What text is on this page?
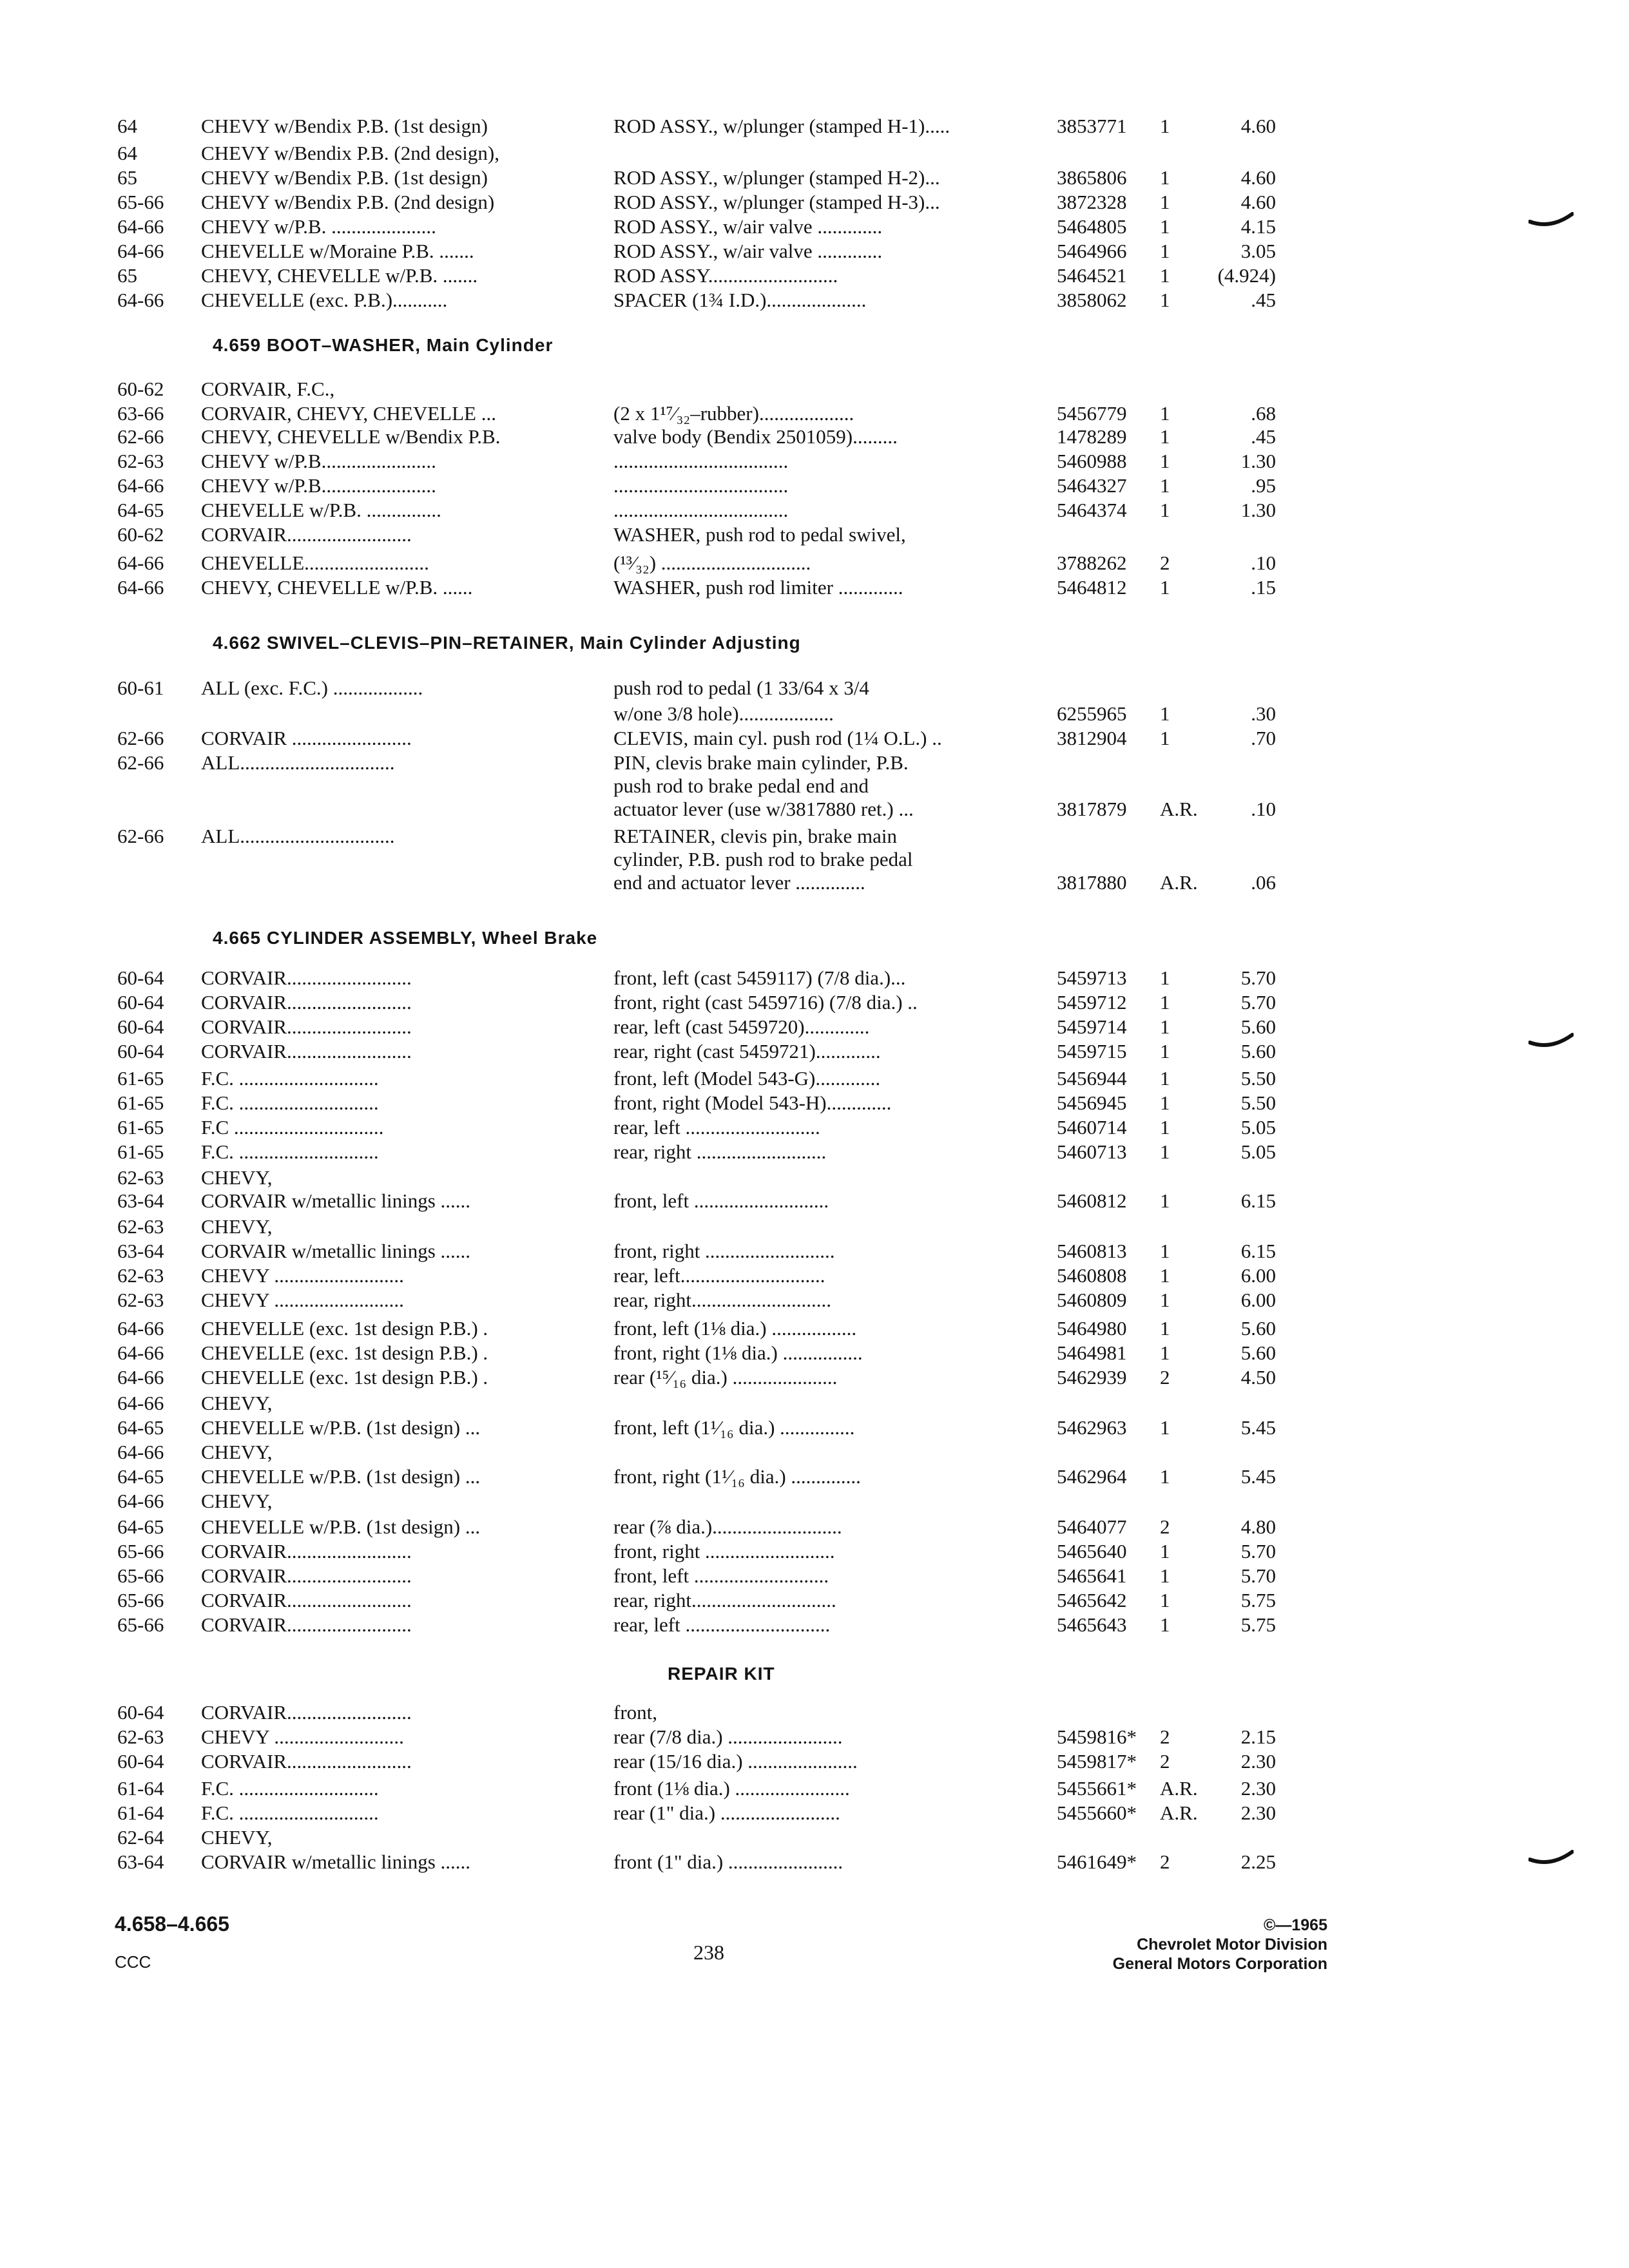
64	CHEVY w/Bendix P.B. (1st design)	ROD ASSY., w/plunger (stamped H-1).....	3853771 1	4.60
64	CHEVY w/Bendix P.B. (2nd design),
65	CHEVY w/Bendix P.B. (1st design)	ROD ASSY., w/plunger (stamped H-2)...	3865806 1	4.60
65-66 CHEVY w/Bendix P.B. (2nd design)	ROD ASSY., w/plunger (stamped H-3)...	3872328 1	4.60
64-66 CHEVY w/P.B. .....................	ROD ASSY., w/air valve .............	5464805 1	4.15
64-66 CHEVELLE w/Moraine P.B. .......	ROD ASSY., w/air valve .............	5464966 1	3.05
65	CHEVY, CHEVELLE w/P.B. .......	ROD ASSY..........................	5464521 1	(4.924)
64-66 CHEVELLE (exc. P.B.)...........	SPACER (1¾ I.D.)....................	3858062 1	.45
4.659 BOOT–WASHER, Main Cylinder
60-62 CORVAIR, F.C.,
63-66 CORVAIR, CHEVY, CHEVELLE ...	(2 x 1¹⁷⁄₃₂–rubber)...................	5456779 1	.68
62-66 CHEVY, CHEVELLE w/Bendix P.B.	valve body (Bendix 2501059).........	1478289 1	.45
62-63 CHEVY w/P.B.......................	...................................	5460988 1	1.30
64-66 CHEVY w/P.B.......................	...................................	5464327 1	.95
64-65 CHEVELLE w/P.B. ...............	...................................	5464374 1	1.30
60-62 CORVAIR.........................	WASHER, push rod to pedal swivel,
64-66 CHEVELLE.........................	(¹³⁄₃₂) ..............................	3788262 2	.10
64-66 CHEVY, CHEVELLE w/P.B. ......	WASHER, push rod limiter .............	5464812 1	.15
4.662 SWIVEL–CLEVIS–PIN–RETAINER, Main Cylinder Adjusting
60-61 ALL (exc. F.C.) ..................	push rod to pedal (1 33/64 x 3/4
w/one 3/8 hole)...................	6255965 1	.30
62-66 CORVAIR ........................	CLEVIS, main cyl. push rod (1¼ O.L.) ..	3812904 1	.70
62-66 ALL...............................	PIN, clevis brake main cylinder, P.B.
push rod to brake pedal end and
actuator lever (use w/3817880 ret.) ...	3817879 A.R.	.10
62-66 ALL...............................	RETAINER, clevis pin, brake main
cylinder, P.B. push rod to brake pedal
end and actuator lever ..............	3817880 A.R.	.06
4.665 CYLINDER ASSEMBLY, Wheel Brake
60-64 CORVAIR.........................	front, left (cast 5459117) (7/8 dia.)...	5459713 1	5.70
60-64 CORVAIR.........................	front, right (cast 5459716) (7/8 dia.) ..	5459712 1	5.70
60-64 CORVAIR.........................	rear, left (cast 5459720).............	5459714 1	5.60
60-64 CORVAIR.........................	rear, right (cast 5459721).............	5459715 1	5.60
61-65 F.C. ............................	front, left (Model 543-G).............	5456944 1	5.50
61-65 F.C. ............................	front, right (Model 543-H).............	5456945 1	5.50
61-65 F.C ..............................	rear, left ...........................	5460714 1	5.05
61-65 F.C. ............................	rear, right ..........................	5460713 1	5.05
62-63 CHEVY,
63-64 CORVAIR w/metallic linings ......	front, left ...........................	5460812 1	6.15
62-63 CHEVY,
63-64 CORVAIR w/metallic linings ......	front, right ..........................	5460813 1	6.15
62-63 CHEVY ..........................	rear, left.............................	5460808 1	6.00
62-63 CHEVY ..........................	rear, right............................	5460809 1	6.00
64-66 CHEVELLE (exc. 1st design P.B.) .	front, left (1⅛ dia.) .................	5464980 1	5.60
64-66 CHEVELLE (exc. 1st design P.B.) .	front, right (1⅛ dia.) ................	5464981 1	5.60
64-66 CHEVELLE (exc. 1st design P.B.) .	rear (¹⁵⁄₁₆ dia.) .....................	5462939 2	4.50
64-66 CHEVY,
64-65 CHEVELLE w/P.B. (1st design) ...	front, left (1¹⁄₁₆ dia.) ...............	5462963 1	5.45
64-66 CHEVY,
64-65 CHEVELLE w/P.B. (1st design) ...	front, right (1¹⁄₁₆ dia.) ..............	5462964 1	5.45
64-66 CHEVY,
64-65 CHEVELLE w/P.B. (1st design) ...	rear (⅞ dia.)..........................	5464077 2	4.80
65-66 CORVAIR.........................	front, right ..........................	5465640 1	5.70
65-66 CORVAIR.........................	front, left ...........................	5465641 1	5.70
65-66 CORVAIR.........................	rear, right.............................	5465642 1	5.75
65-66 CORVAIR.........................	rear, left .............................	5465643 1	5.75
REPAIR KIT
60-64 CORVAIR.........................	front,
62-63 CHEVY ..........................	rear (7/8 dia.) .......................	5459816* 2	2.15
60-64 CORVAIR.........................	rear (15/16 dia.) ......................	5459817* 2	2.30
61-64 F.C. ............................	front (1⅛ dia.) .......................	5455661* A.R.	2.30
61-64 F.C. ............................	rear (1" dia.) ........................	5455660* A.R.	2.30
62-64 CHEVY,
63-64 CORVAIR w/metallic linings ......	front (1" dia.) .......................	5461649* 2	2.25
4.658–4.665
CCC	238
©—1965
Chevrolet Motor Division
General Motors Corporation
